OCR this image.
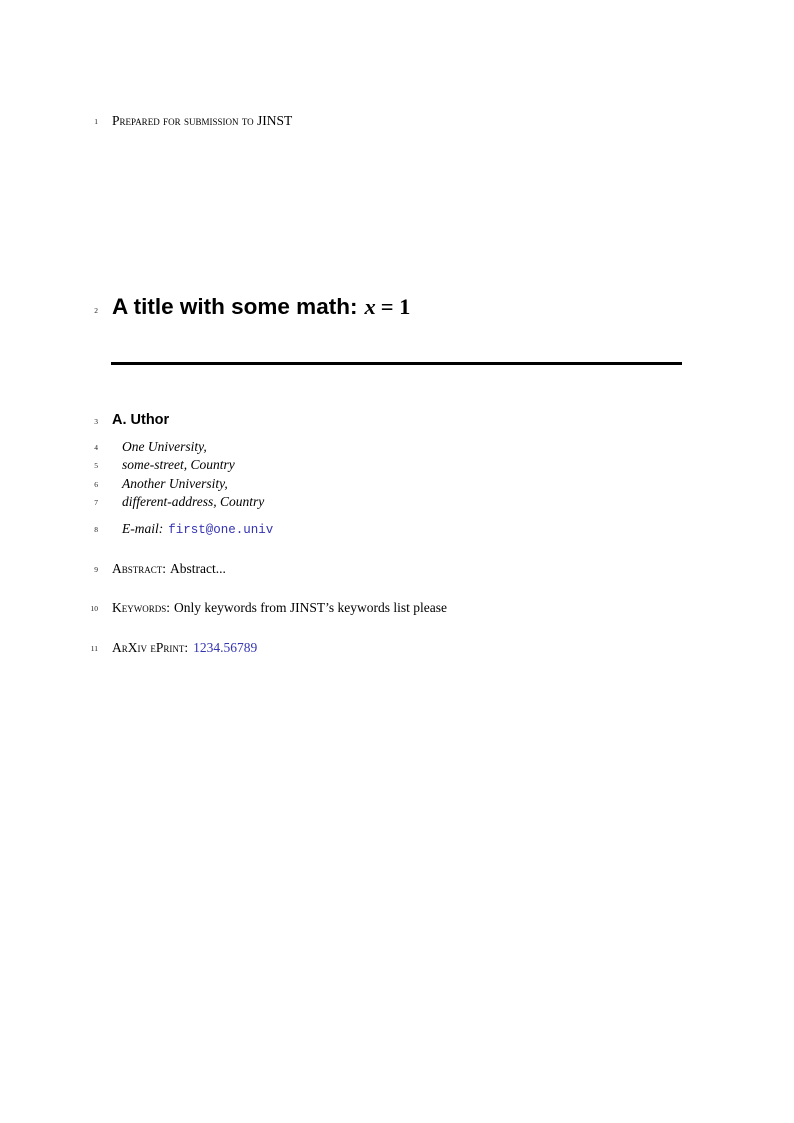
1 Prepared for submission to JINST
2 A title with some math: x = 1
3 A. Uthor
4 One University,
5 some-street, Country
6 Another University,
7 different-address, Country
8 E-mail: first@one.univ
9 Abstract: Abstract...
10 Keywords: Only keywords from JINST’s keywords list please
11 ArXiv ePrint: 1234.56789
